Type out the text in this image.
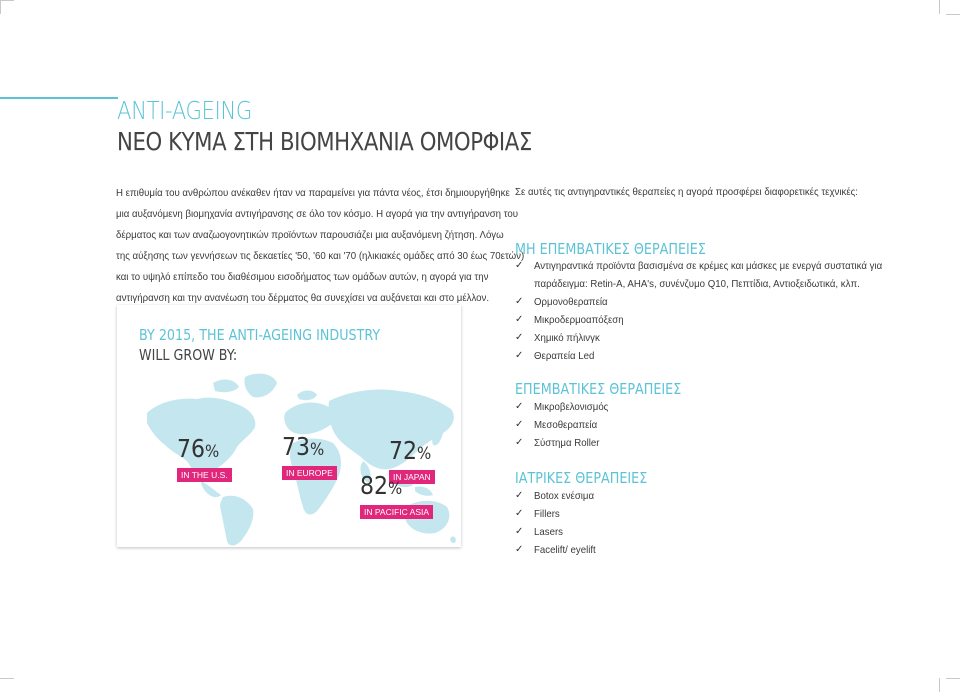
ANTI-AGEING
ΝΕΟ ΚΥΜΑ ΣΤΗ ΒΙΟΜΗΧΑΝΙΑ ΟΜΟΡΦΙΑΣ
Η επιθυμία του ανθρώπου ανέκαθεν ήταν να παραμείνει για πάντα νέος, έτσι δημιουργήθηκε
μια αυξανόμενη βιομηχανία αντιγήρανσης σε όλο τον κόσμο. Η αγορά για την αντιγήρανση του
δέρματος και των αναζωογονητικών προϊόντων παρουσιάζει μια αυξανόμενη ζήτηση. Λόγω
της αύξησης των γεννήσεων τις δεκαετίες '50, '60 και '70 (ηλικιακές ομάδες από 30 έως 70ετών)
και το υψηλό επίπεδο του διαθέσιμου εισοδήματος των ομάδων αυτών, η αγορά για την
αντιγήρανση και την ανανέωση του δέρματος θα συνεχίσει να αυξάνεται και στο μέλλον.
BY 2015, THE ANTI-AGEING INDUSTRY
WILL GROW BY:
76%
IN THE U.S.
73%
IN EUROPE
72%
IN JAPAN
82%
IN PACIFIC ASIA
Σε αυτές τις αντιγηραντικές θεραπείες η αγορά προσφέρει διαφορετικές τεχνικές:
ΜΗ ΕΠΕΜΒΑΤΙΚΕΣ ΘΕΡΑΠΕΙΕΣ
✓ Αντιγηραντικά προϊόντα βασισμένα σε κρέμες και μάσκες με ενεργά συστατικά για
παράδειγμα: Retin-A, AHA's, συνένζυμο Q10, Πεπτίδια, Αντιοξειδωτικά, κλπ.
✓ Ορμονοθεραπεία
✓ Μικροδερμοαπόξεση
✓ Χημικό πήλινγκ
✓ Θεραπεία Led
ΕΠΕΜΒΑΤΙΚΕΣ ΘΕΡΑΠΕΙΕΣ
✓ Μικροβελονισμός
✓ Μεσοθεραπεία
✓ Σύστημα Roller
ΙΑΤΡΙΚΕΣ ΘΕΡΑΠΕΙΕΣ
✓ Botox ενέσιμα
✓ Fillers
✓ Lasers
✓ Facelift/ eyelift
